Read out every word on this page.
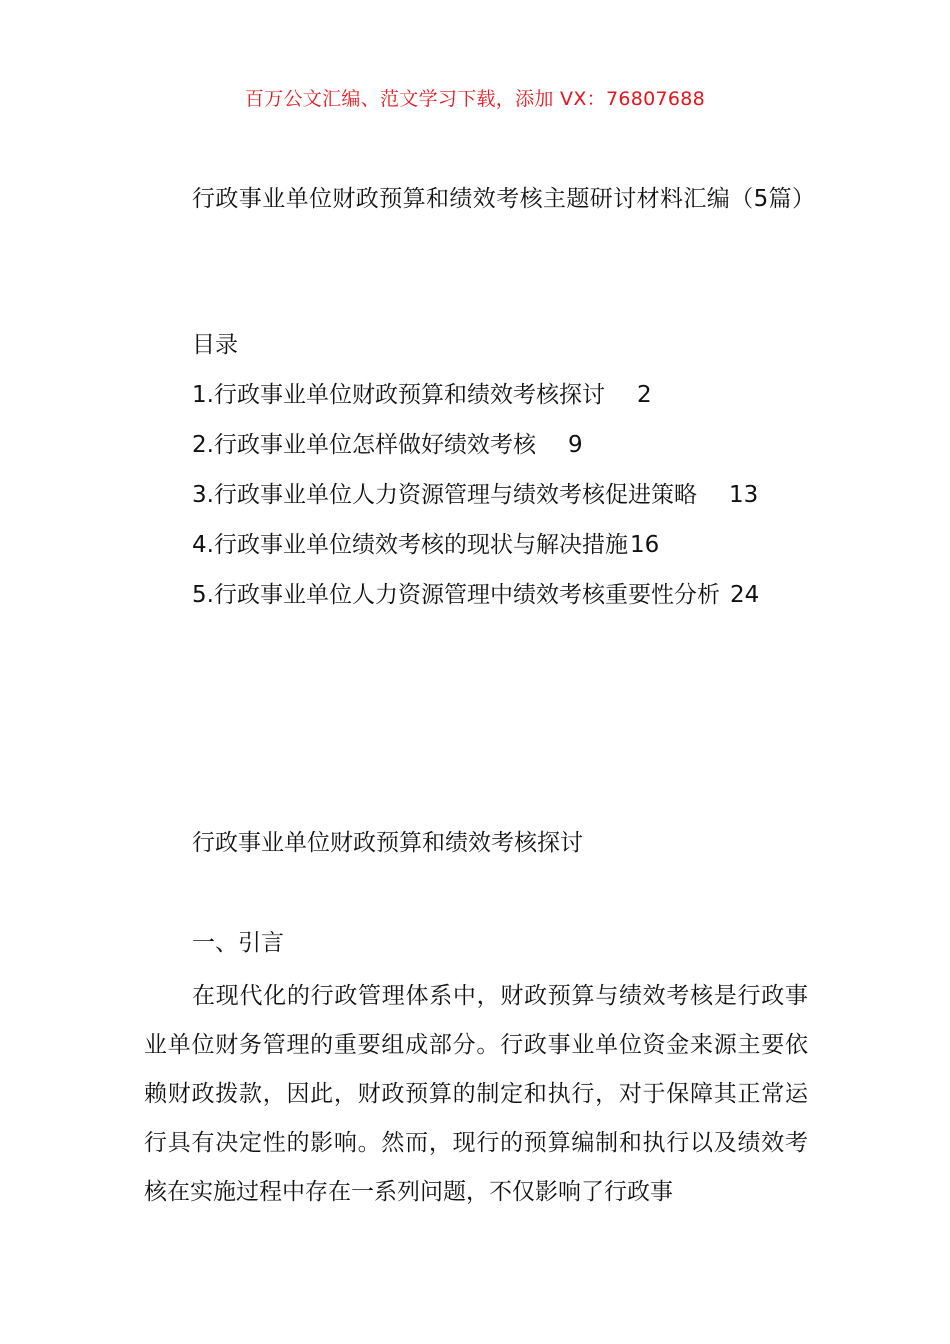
百万公文汇编、范文学习下载，添加 VX：76807688
行政事业单位财政预算和绩效考核主题研讨材料汇编（5篇）
目录
1.行政事业单位财政预算和绩效考核探讨 2
2.行政事业单位怎样做好绩效考核 9
3.行政事业单位人力资源管理与绩效考核促进策略 13
4.行政事业单位绩效考核的现状与解决措施16
5.行政事业单位人力资源管理中绩效考核重要性分析 24
行政事业单位财政预算和绩效考核探讨
一、引言

在现代化的行政管理体系中，财政预算与绩效考核是行政事业单位财务管理的重要组成部分。行政事业单位资金来源主要依赖财政拨款，因此，财政预算的制定和执行，对于保障其正常运行具有决定性的影响。然而，现行的预算编制和执行以及绩效考核在实施过程中存在一系列问题，不仅影响了行政事
